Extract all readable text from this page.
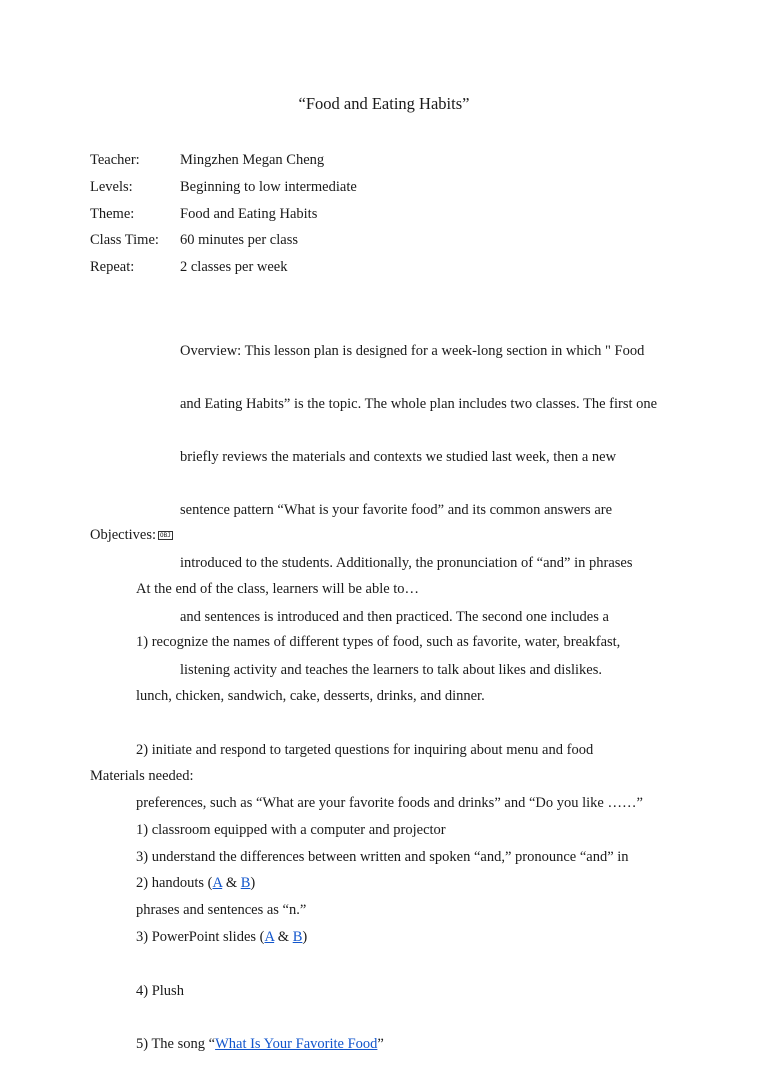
“Food and Eating Habits”
Teacher:	Mingzhen Megan Cheng
Levels:	Beginning to low intermediate
Theme:	Food and Eating Habits
Class Time: 60 minutes per class
Repeat:	2 classes per week

Overview: This lesson plan is designed for a week-long section in which " Food

and Eating Habits” is the topic. The whole plan includes two classes. The first one

briefly reviews the materials and contexts we studied last week, then a new

sentence pattern “What is your favorite food” and its common answers are

introduced to the students. Additionally, the pronunciation of “and” in phrases

and sentences is introduced and then practiced. The second one includes a

listening activity and teaches the learners to talk about likes and dislikes.

Objectives: OBJ

At the end of the class, learners will be able to…

1) recognize the names of different types of food, such as favorite, water, breakfast,

lunch, chicken, sandwich, cake, desserts, drinks, and dinner.

2) initiate and respond to targeted questions for inquiring about menu and food

preferences, such as “What are your favorite foods and drinks” and “Do you like ……”

3) understand the differences between written and spoken “and,” pronounce “and” in

phrases and sentences as “n.”

Materials needed:

1) classroom equipped with a computer and projector

2) handouts (A & B)

3) PowerPoint slides (A & B)

4) Plush

5) The song “What Is Your Favorite Food”
